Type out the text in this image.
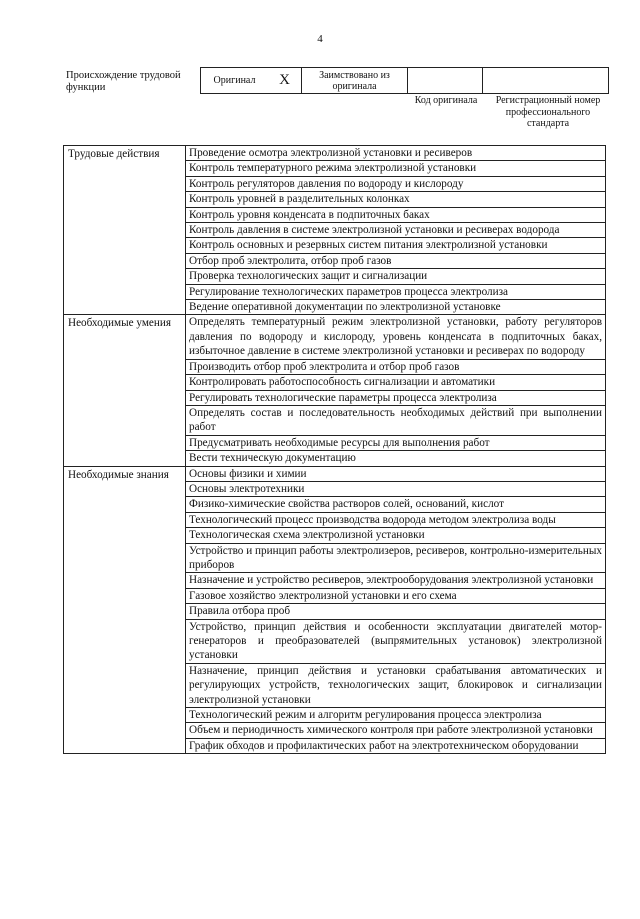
4
Происхождение трудовой функции
Оригинал	X	Заимствовано из оригинала		
Код оригинала	Регистрационный номер профессионального стандарта
Трудовые действия	Проведение осмотра электролизной установки и ресиверов
	Контроль температурного режима электролизной установки
	Контроль регуляторов давления по водороду и кислороду
	Контроль уровней в разделительных колонках
	Контроль уровня конденсата в подпиточных баках
	Контроль давления в системе электролизной установки и ресиверах водорода
	Контроль основных и резервных систем питания электролизной установки
	Отбор проб электролита, отбор проб газов
	Проверка технологических защит и сигнализации
	Регулирование технологических параметров процесса электролиза
	Ведение оперативной документации по электролизной установке
Необходимые умения	Определять температурный режим электролизной установки, работу регуляторов давления по водороду и кислороду, уровень конденсата в подпиточных баках, избыточное давление в системе электролизной установки и ресиверах по водороду
	Производить отбор проб электролита и отбор проб газов
	Контролировать работоспособность сигнализации и автоматики
	Регулировать технологические параметры процесса электролиза
	Определять состав и последовательность необходимых действий при выполнении работ
	Предусматривать необходимые ресурсы для выполнения работ
	Вести техническую документацию
Необходимые знания	Основы физики и химии
	Основы электротехники
	Физико-химические свойства растворов солей, оснований, кислот
	Технологический процесс производства водорода методом электролиза воды
	Технологическая схема электролизной установки
	Устройство и принцип работы электролизеров, ресиверов, контрольно-измерительных приборов
	Назначение и устройство ресиверов, электрооборудования электролизной установки
	Газовое хозяйство электролизной установки и его схема
	Правила отбора проб
	Устройство, принцип действия и особенности эксплуатации двигателей мотор-генераторов и преобразователей (выпрямительных установок) электролизной установки
	Назначение, принцип действия и установки срабатывания автоматических и регулирующих устройств, технологических защит, блокировок и сигнализации электролизной установки
	Технологический режим и алгоритм регулирования процесса электролиза
	Объем и периодичность химического контроля при работе электролизной установки
	График обходов и профилактических работ на электротехническом оборудовании
